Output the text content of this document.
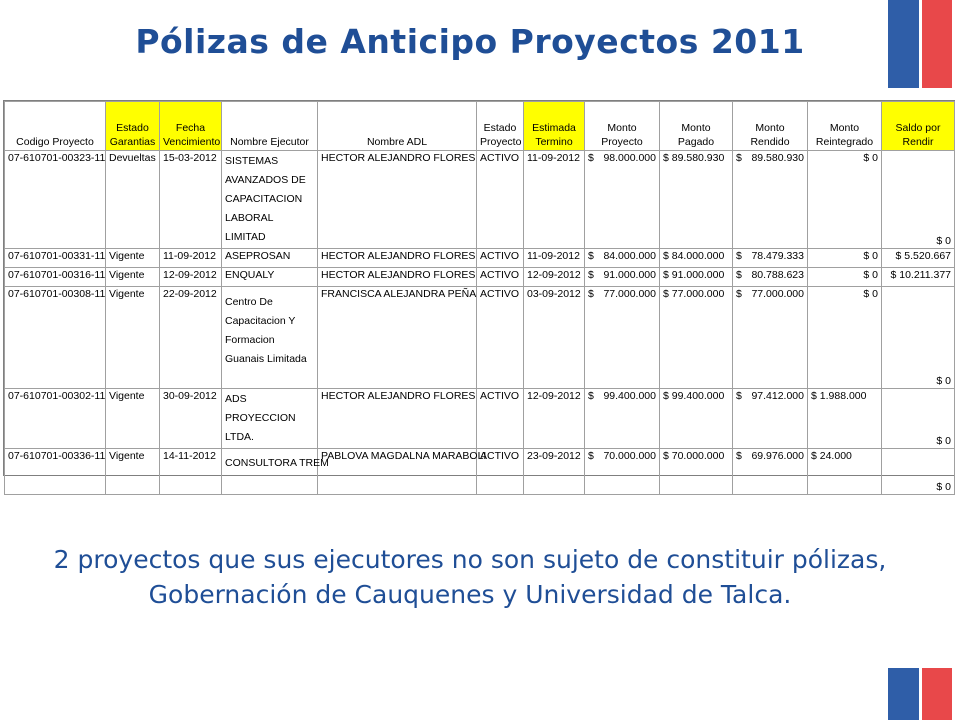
Pólizas de Anticipo Proyectos 2011
Codigo Proyecto	Estado Garantias	Fecha Vencimiento	Nombre Ejecutor	Nombre ADL	Estado Proyecto	Estimada Termino	Monto Proyecto	Monto Pagado	Monto Rendido	Monto Reintegrado	Saldo por Rendir
07-610701-00323-11	Devueltas	15-03-2012	SISTEMAS AVANZADOS DE CAPACITACION LABORAL LIMITAD	HECTOR ALEJANDRO FLORES	ACTIVO	11-09-2012	$ 98.000.000	$ 89.580.930	$ 89.580.930	$ 0	$ 0
07-610701-00331-11	Vigente	11-09-2012	ASEPROSAN	HECTOR ALEJANDRO FLORES	ACTIVO	11-09-2012	$ 84.000.000	$ 84.000.000	$ 78.479.333	$ 0	$ 5.520.667
07-610701-00316-11	Vigente	12-09-2012	ENQUALY	HECTOR ALEJANDRO FLORES	ACTIVO	12-09-2012	$ 91.000.000	$ 91.000.000	$ 80.788.623	$ 0	$ 10.211.377
07-610701-00308-11	Vigente	22-09-2012	Centro De Capacitacion Y Formacion Guanais Limitada	FRANCISCA ALEJANDRA PEÑA	ACTIVO	03-09-2012	$ 77.000.000	$ 77.000.000	$ 77.000.000	$ 0	$ 0
07-610701-00302-11	Vigente	30-09-2012	ADS PROYECCION LTDA.	HECTOR ALEJANDRO FLORES	ACTIVO	12-09-2012	$ 99.400.000	$ 99.400.000	$ 97.412.000	$ 1.988.000	$ 0
07-610701-00336-11	Vigente	14-11-2012	CONSULTORA TREM	PABLOVA MAGDALNA MARABOLI	ACTIVO	23-09-2012	$ 70.000.000	$ 70.000.000	$ 69.976.000	$ 24.000	$ 0
2 proyectos que sus ejecutores no son sujeto de constituir pólizas, Gobernación de Cauquenes y Universidad de Talca.
